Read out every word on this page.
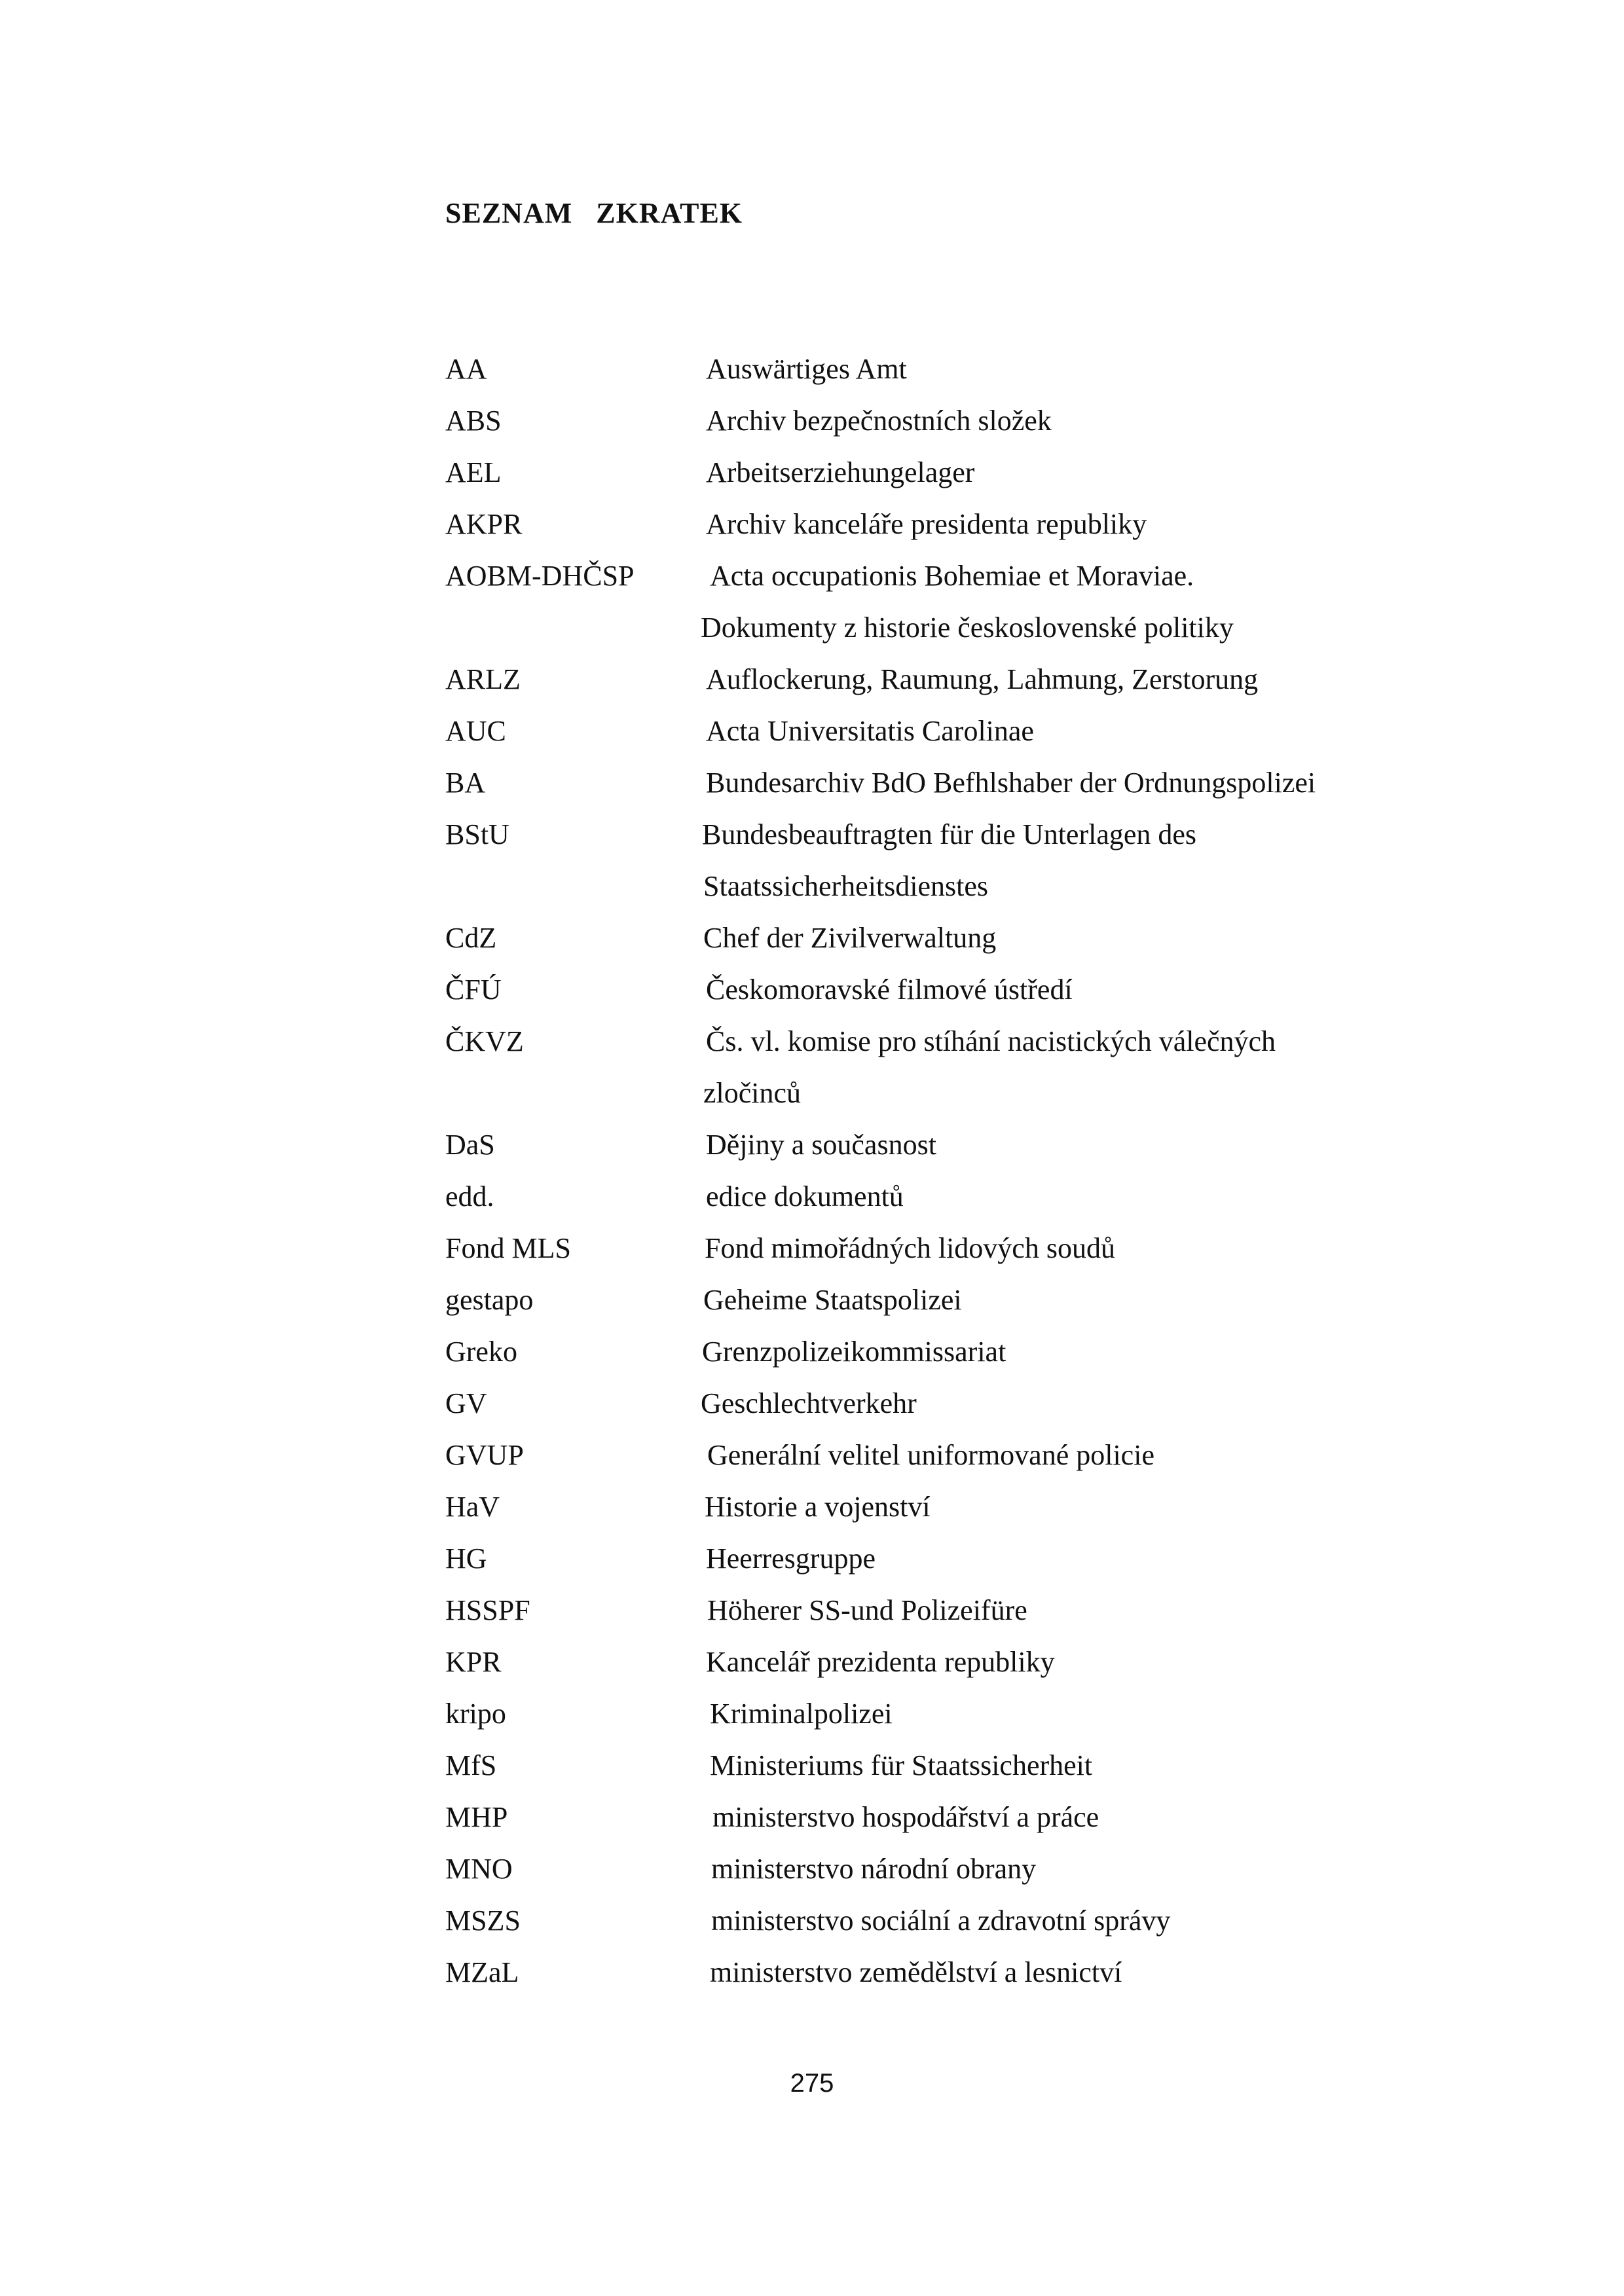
SEZNAM   ZKRATEK
AA	Auswärtiges Amt
ABS	Archiv bezpečnostních složek
AEL	Arbeitserziehungelager
AKPR	Archiv kanceláře presidenta republiky
AOBM-DHČSP	Acta occupationis Bohemiae et Moraviae.
Dokumenty z historie československé politiky
ARLZ	Auflockerung, Raumung, Lahmung, Zerstorung
AUC	Acta Universitatis Carolinae
BA	Bundesarchiv BdO Befhlshaber der Ordnungspolizei
BStU	Bundesbeauftragten für die Unterlagen des
Staatssicherheitsdienstes
CdZ	Chef der Zivilverwaltung
ČFÚ	Českomoravské filmové ústředí
ČKVZ	Čs. vl. komise pro stíhání nacistických válečných
zločinců
DaS	Dějiny a současnost
edd.	edice dokumentů
Fond MLS	Fond mimořádných lidových soudů
gestapo	Geheime Staatspolizei
Greko	Grenzpolizeikommissariat
GV	Geschlechtverkehr
GVUP	Generální velitel uniformované policie
HaV	Historie a vojenství
HG	Heerresgruppe
HSSPF	Höherer SS-und Polizeifüre
KPR	Kancelář prezidenta republiky
kripo	Kriminalpolizei
MfS	Ministeriums für Staatssicherheit
MHP	ministerstvo hospodářství a práce
MNO	ministerstvo národní obrany
MSZS	ministerstvo sociální a zdravotní správy
MZaL	ministerstvo zemědělství a lesnictví
275
